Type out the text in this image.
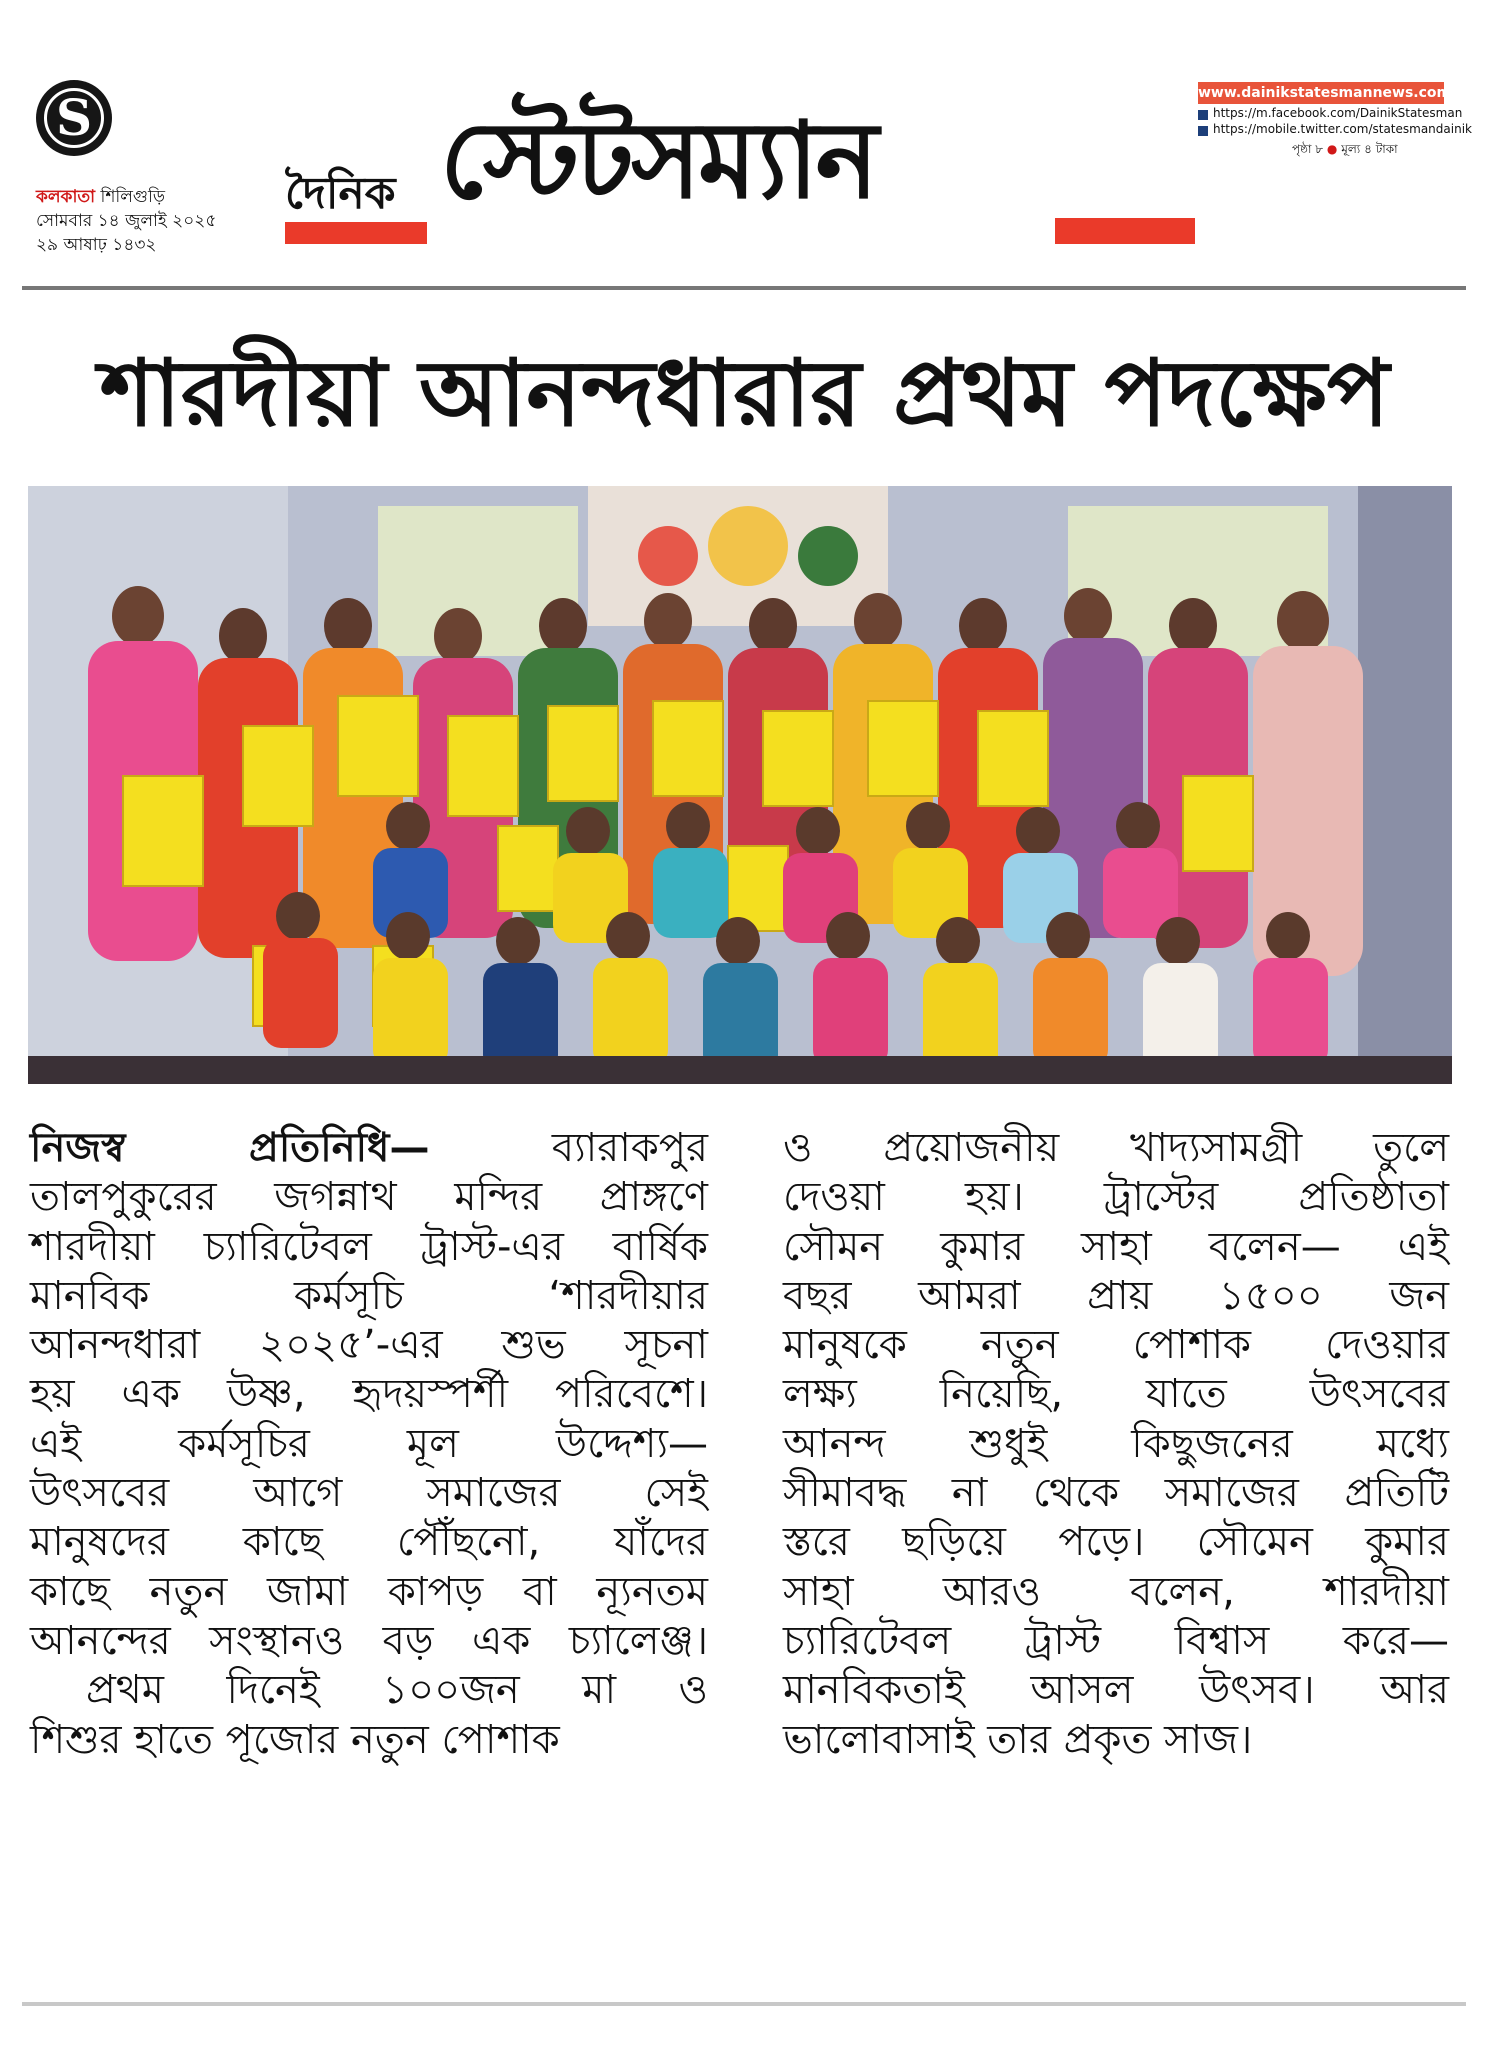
S
কলকাতা শিলিগুড়ি
সোমবার ১৪ জুলাই ২০২৫
২৯ আষাঢ় ১৪৩২
দৈনিক স্টেটসম্যান
www.dainikstatesmannews.com
https://m.facebook.com/DainikStatesman
https://mobile.twitter.com/statesmandainik
পৃষ্ঠা ৮ ● মূল্য ৪ টাকা
শারদীয়া আনন্দধারার প্রথম পদক্ষেপ
নিজস্ব প্রতিনিধি—	ব্যারাকপুর
তালপুকুরের জগন্নাথ মন্দির প্রাঙ্গণে
শারদীয়া চ্যারিটেবল ট্রাস্ট-এর বার্ষিক
মানবিক কর্মসূচি ‘শারদীয়ার
আনন্দধারা ২০২৫’-এর শুভ সূচনা
হয় এক উষ্ণ, হৃদয়স্পর্শী পরিবেশে।
এই কর্মসূচির মূল উদ্দেশ্য—
উৎসবের আগে সমাজের সেই
মানুষদের কাছে পৌঁছনো, যাঁদের
কাছে নতুন জামা কাপড় বা ন্যূনতম
আনন্দের সংস্থানও বড় এক চ্যালেঞ্জ।
প্রথম দিনেই ১০০জন মা ও
শিশুর হাতে পূজোর নতুন পোশাক
ও প্রয়োজনীয় খাদ্যসামগ্রী তুলে
দেওয়া হয়। ট্রাস্টের প্রতিষ্ঠাতা
সৌমন কুমার সাহা বলেন— এই
বছর আমরা প্রায় ১৫০০ জন
মানুষকে নতুন পোশাক দেওয়ার
লক্ষ্য নিয়েছি, যাতে উৎসবের
আনন্দ শুধুই কিছুজনের মধ্যে
সীমাবদ্ধ না থেকে সমাজের প্রতিটি
স্তরে ছড়িয়ে পড়ে। সৌমেন কুমার
সাহা আরও বলেন, শারদীয়া
চ্যারিটেবল ট্রাস্ট বিশ্বাস করে—
মানবিকতাই আসল উৎসব। আর
ভালোবাসাই তার প্রকৃত সাজ।
